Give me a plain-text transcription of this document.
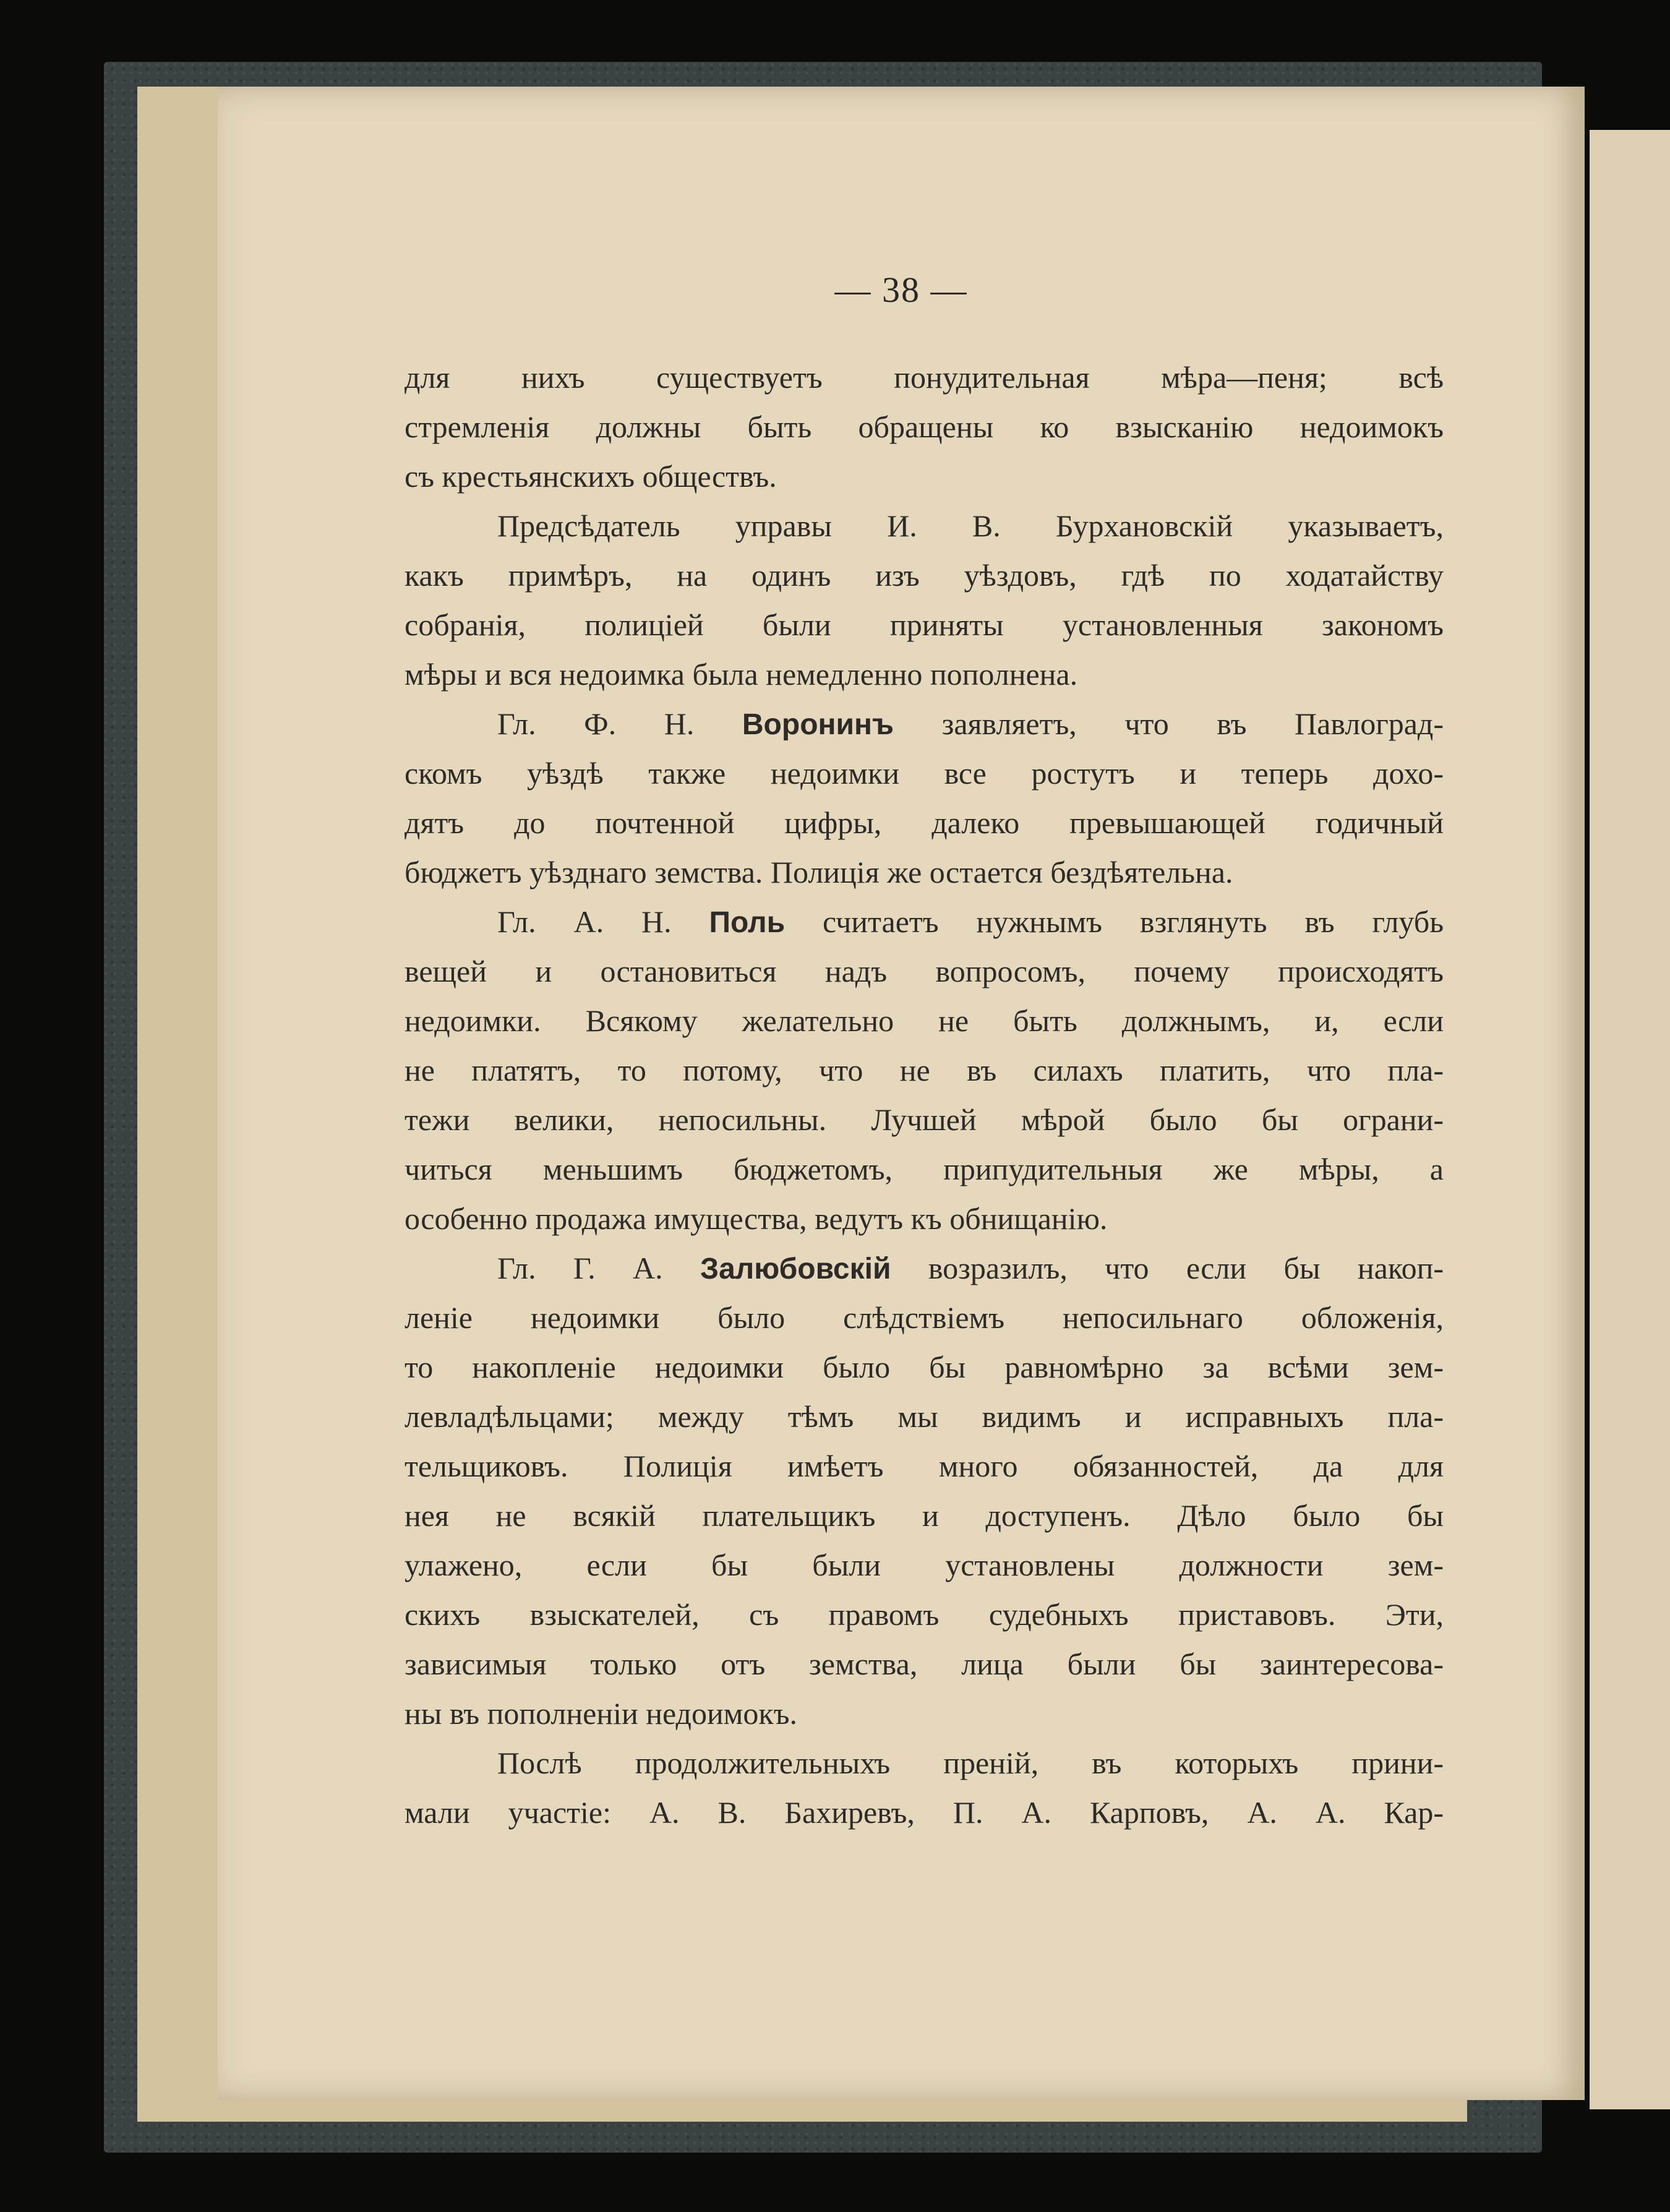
— 38 —
для нихъ существуетъ понудительная мѣра—пеня; всѣ
стремленія должны быть обращены ко взысканію недоимокъ
съ крестьянскихъ обществъ.
Предсѣдатель управы И. В. Бурхановскій указываетъ,
какъ примѣръ, на одинъ изъ уѣздовъ, гдѣ по ходатайству
собранія, полиціей были приняты установленныя закономъ
мѣры и вся недоимка была немедленно пополнена.
Гл. Ф. Н. Воронинъ заявляетъ, что въ Павлоград-
скомъ уѣздѣ также недоимки все ростутъ и теперь дохо-
дятъ до почтенной цифры, далеко превышающей годичный
бюджетъ уѣзднаго земства. Полиція же остается бездѣятельна.
Гл. А. Н. Поль считаетъ нужнымъ взглянуть въ глубь
вещей и остановиться надъ вопросомъ, почему происходятъ
недоимки. Всякому желательно не быть должнымъ, и, если
не платятъ, то потому, что не въ силахъ платить, что пла-
тежи велики, непосильны. Лучшей мѣрой было бы ограни-
читься меньшимъ бюджетомъ, припудительныя же мѣры, а
особенно продажа имущества, ведутъ къ обнищанію.
Гл. Г. А. Залюбовскій возразилъ, что если бы накоп-
леніе недоимки было слѣдствіемъ непосильнаго обложенія,
то накопленіе недоимки было бы равномѣрно за всѣми зем-
левладѣльцами; между тѣмъ мы видимъ и исправныхъ пла-
тельщиковъ. Полиція имѣетъ много обязанностей, да для
нея не всякій плательщикъ и доступенъ. Дѣло было бы
улажено, если бы были установлены должности зем-
скихъ взыскателей, съ правомъ судебныхъ приставовъ. Эти,
зависимыя только отъ земства, лица были бы заинтересова-
ны въ пополненіи недоимокъ.
Послѣ продолжительныхъ преній, въ которыхъ прини-
мали участіе: А. В. Бахиревъ, П. А. Карповъ, А. А. Кар-
